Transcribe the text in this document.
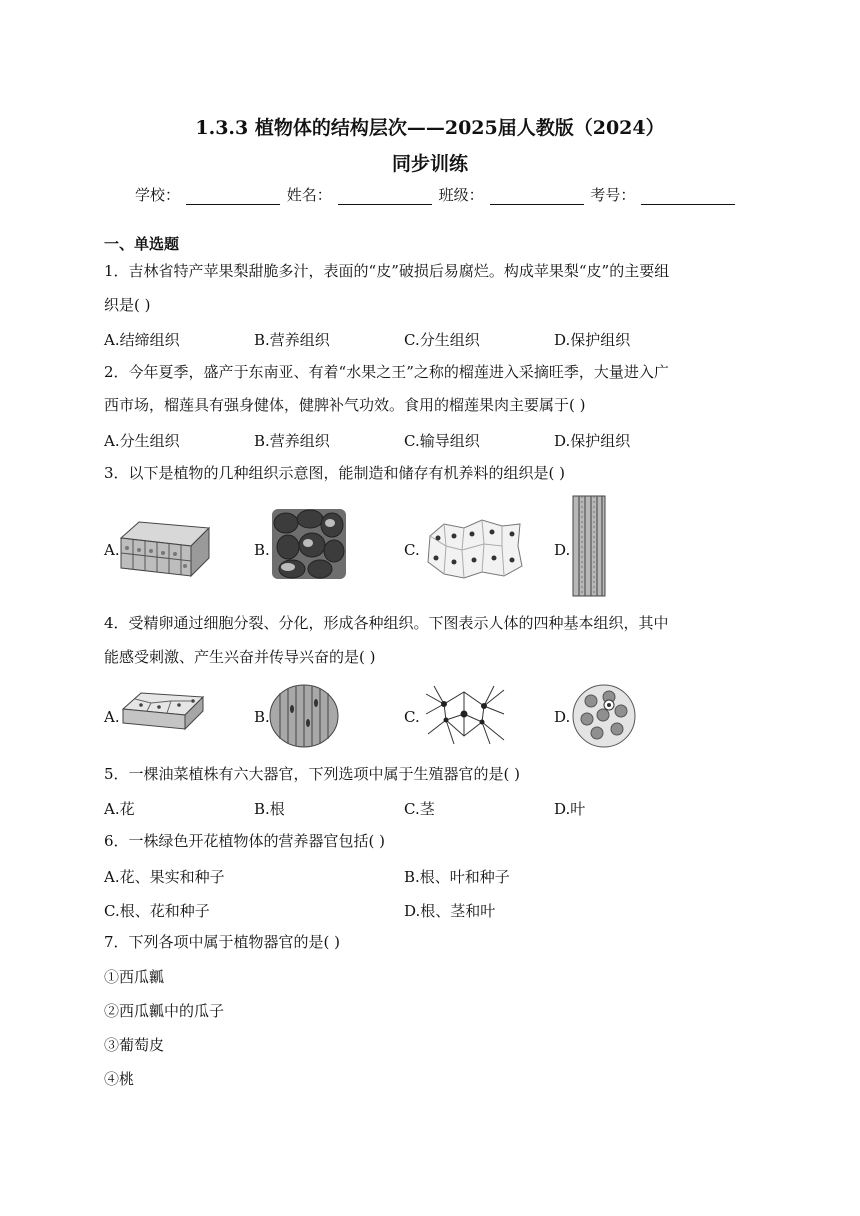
1.3.3 植物体的结构层次——2025届人教版（2024）
同步训练
学校：	姓名：	班级：	考号：
一、单选题
1．吉林省特产苹果梨甜脆多汁，表面的“皮”破损后易腐烂。构成苹果梨“皮”的主要组
织是( )
A.结缔组织	B.营养组织	C.分生组织	D.保护组织
2．今年夏季，盛产于东南亚、有着“水果之王”之称的榴莲进入采摘旺季，大量进入广
西市场，榴莲具有强身健体，健脾补气功效。食用的榴莲果肉主要属于( )
A.分生组织	B.营养组织	C.输导组织	D.保护组织
3．以下是植物的几种组织示意图，能制造和储存有机养料的组织是( )
A.	B.	C.	D.
4．受精卵通过细胞分裂、分化，形成各种组织。下图表示人体的四种基本组织，其中
能感受刺激、产生兴奋并传导兴奋的是( )
A.	B.	C.	D.
5．一棵油菜植株有六大器官，下列选项中属于生殖器官的是( )
A.花	B.根	C.茎	D.叶
6．一株绿色开花植物体的营养器官包括( )
A.花、果实和种子	B.根、叶和种子
C.根、花和种子	D.根、茎和叶
7．下列各项中属于植物器官的是( )
①西瓜瓤
②西瓜瓤中的瓜子
③葡萄皮
④桃
